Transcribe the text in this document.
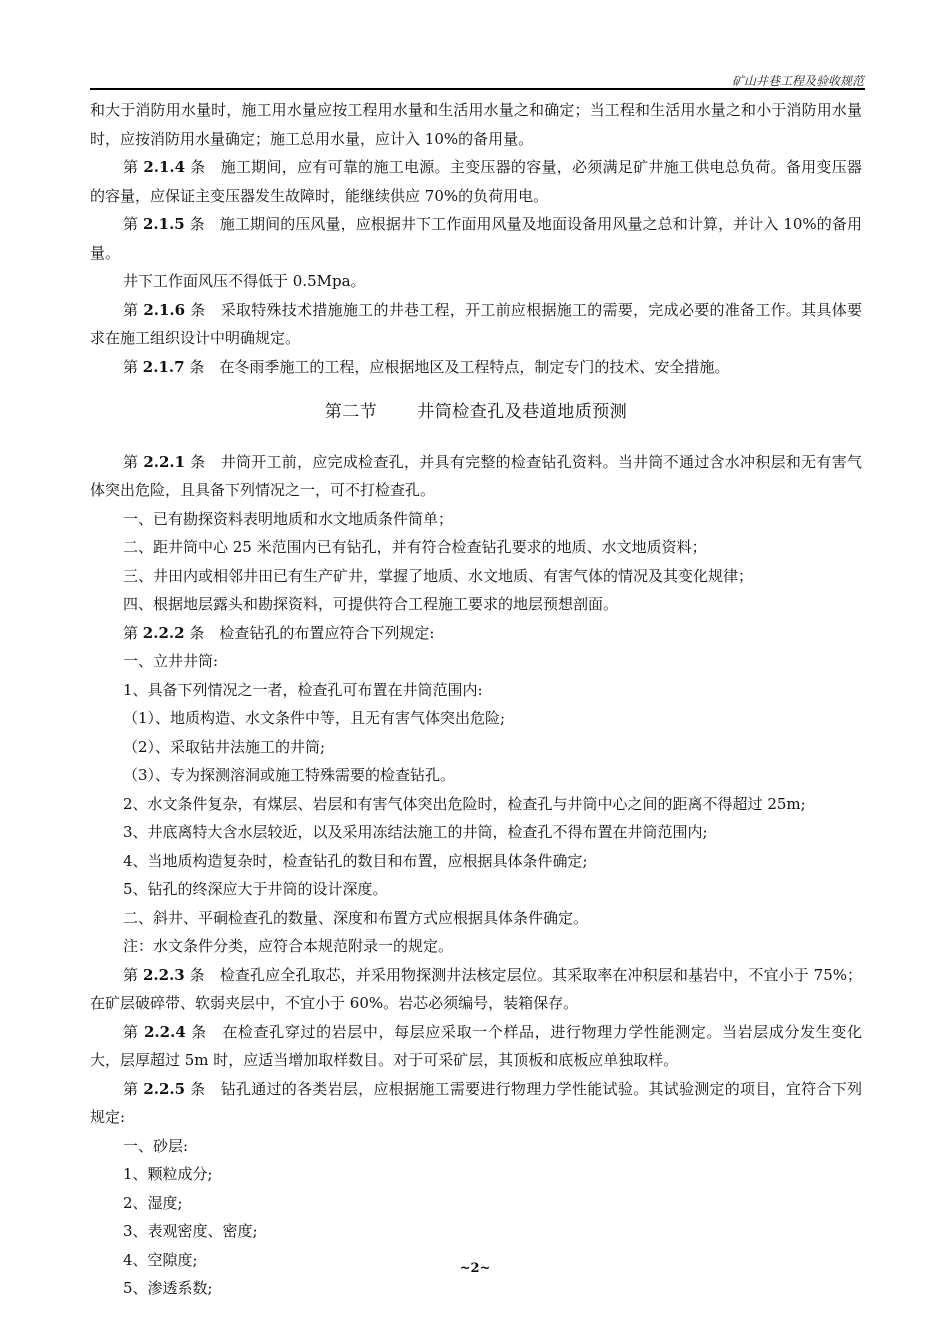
矿山井巷工程及验收规范

和大于消防用水量时，施工用水量应按工程用水量和生活用水量之和确定；当工程和生活用水量之和小于消防用水量时，应按消防用水量确定；施工总用水量，应计入 10%的备用量。

第 2.1.4 条　施工期间，应有可靠的施工电源。主变压器的容量，必须满足矿井施工供电总负荷。备用变压器的容量，应保证主变压器发生故障时，能继续供应 70%的负荷用电。

第 2.1.5 条　施工期间的压风量，应根据井下工作面用风量及地面设备用风量之总和计算，并计入 10%的备用量。

井下工作面风压不得低于 0.5Mpa。

第 2.1.6 条　采取特殊技术措施施工的井巷工程，开工前应根据施工的需要，完成必要的准备工作。其具体要求在施工组织设计中明确规定。

第 2.1.7 条　在冬雨季施工的工程，应根据地区及工程特点，制定专门的技术、安全措施。

第二节 井筒检查孔及巷道地质预测

第 2.2.1 条　井筒开工前，应完成检查孔，并具有完整的检查钻孔资料。当井筒不通过含水冲积层和无有害气体突出危险，且具备下列情况之一，可不打检查孔。

一、已有勘探资料表明地质和水文地质条件简单；

二、距井筒中心 25 米范围内已有钻孔，并有符合检查钻孔要求的地质、水文地质资料；

三、井田内或相邻井田已有生产矿井，掌握了地质、水文地质、有害气体的情况及其变化规律；

四、根据地层露头和勘探资料，可提供符合工程施工要求的地层预想剖面。

第 2.2.2 条　检查钻孔的布置应符合下列规定:

一、立井井筒:

1、具备下列情况之一者，检查孔可布置在井筒范围内:

（1）、地质构造、水文条件中等，且无有害气体突出危险;

（2）、采取钻井法施工的井筒;

（3）、专为探测溶洞或施工特殊需要的检查钻孔。

2、水文条件复杂，有煤层、岩层和有害气体突出危险时，检查孔与井筒中心之间的距离不得超过 25m;

3、井底离特大含水层较近，以及采用冻结法施工的井筒，检查孔不得布置在井筒范围内;

4、当地质构造复杂时，检查钻孔的数目和布置，应根据具体条件确定;

5、钻孔的终深应大于井筒的设计深度。

二、斜井、平硐检查孔的数量、深度和布置方式应根据具体条件确定。

注：水文条件分类，应符合本规范附录一的规定。

第 2.2.3 条　检查孔应全孔取芯，并采用物探测井法核定层位。其采取率在冲积层和基岩中，不宜小于 75%；在矿层破碎带、软弱夹层中，不宜小于 60%。岩芯必须编号，装箱保存。

第 2.2.4 条　在检查孔穿过的岩层中，每层应采取一个样品，进行物理力学性能测定。当岩层成分发生变化大，层厚超过 5m 时，应适当增加取样数目。对于可采矿层，其顶板和底板应单独取样。

第 2.2.5 条　钻孔通过的各类岩层，应根据施工需要进行物理力学性能试验。其试验测定的项目，宜符合下列规定:

一、砂层:

1、颗粒成分;

2、湿度;

3、表观密度、密度;

4、空隙度;

5、渗透系数;

~2~
